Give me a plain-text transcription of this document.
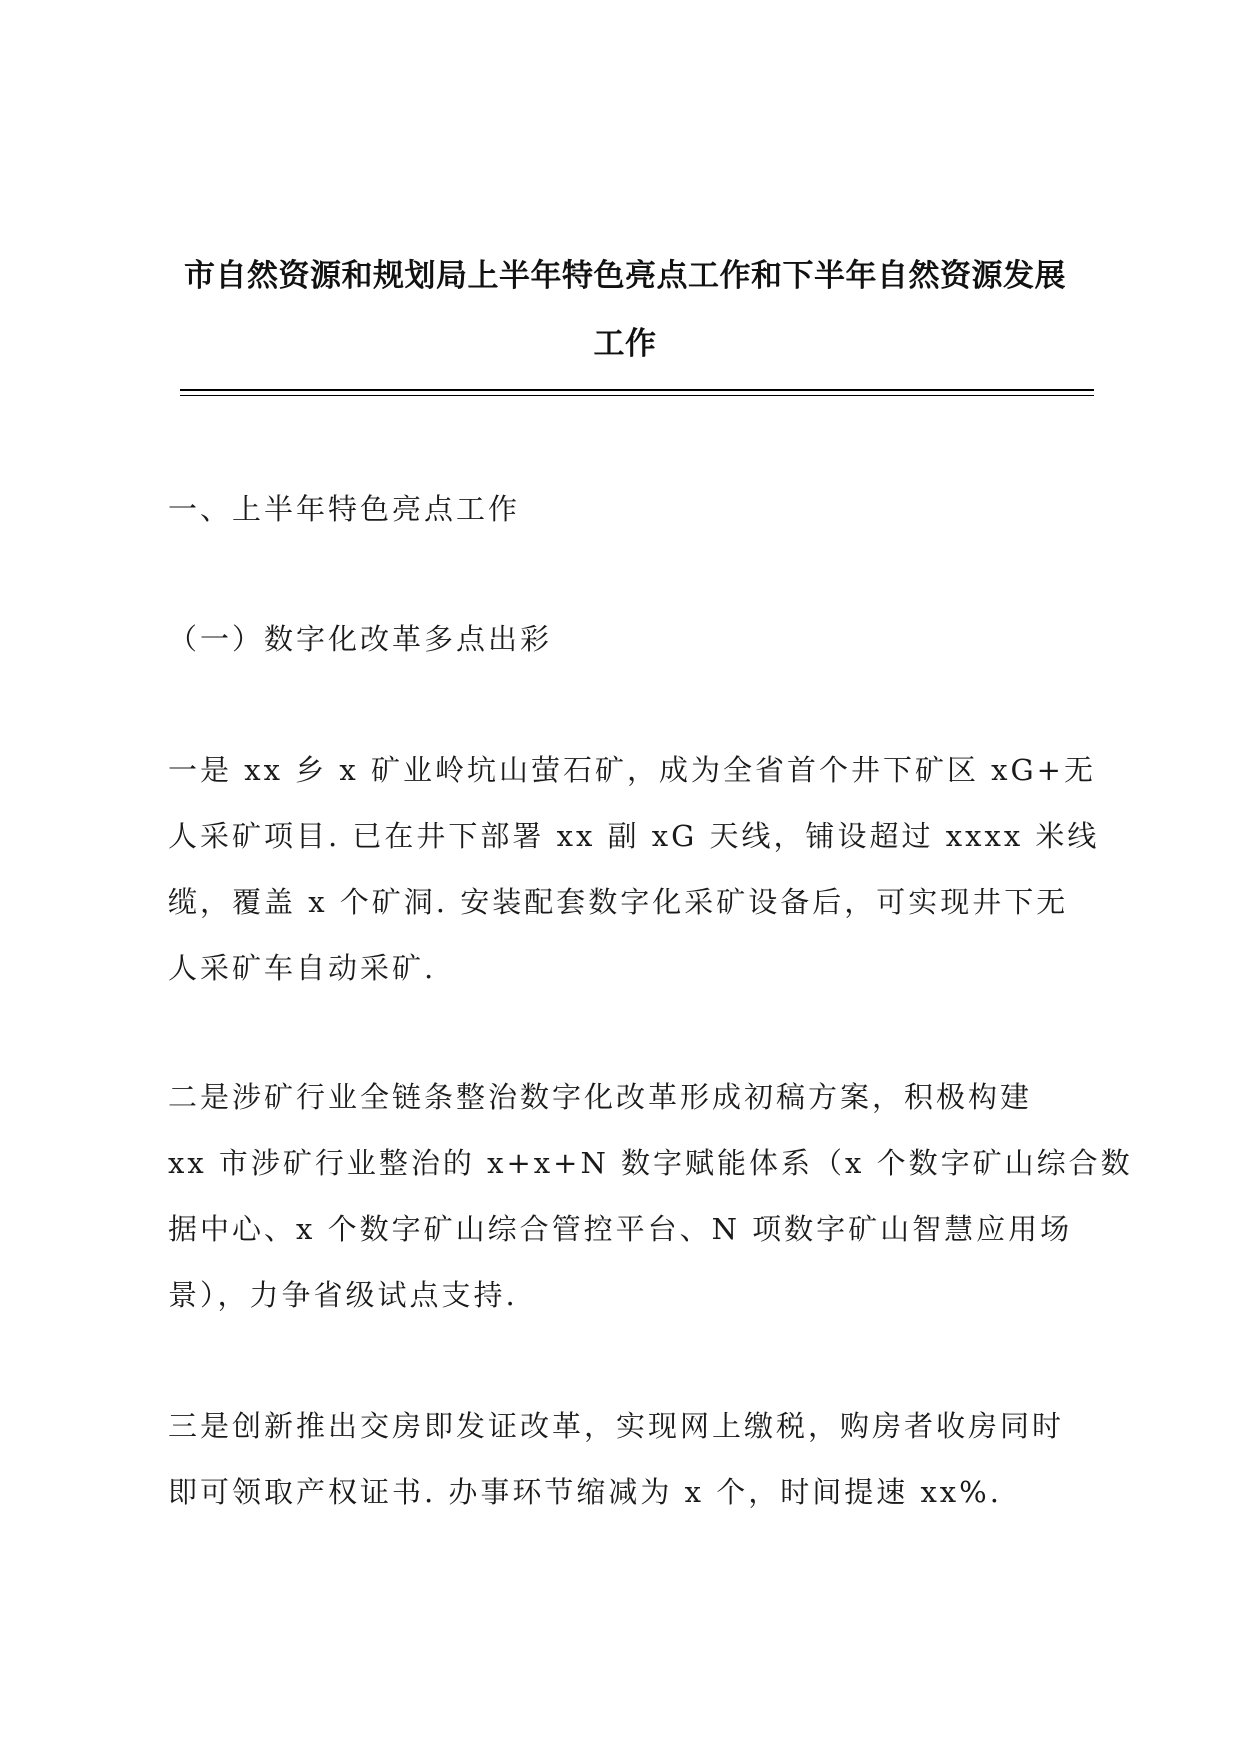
市自然资源和规划局上半年特色亮点工作和下半年自然资源发展
工作
一、上半年特色亮点工作
（一）数字化改革多点出彩
一是 xx 乡 x 矿业岭坑山萤石矿，成为全省首个井下矿区 xG+无
人采矿项目. 已在井下部署 xx 副 xG 天线，铺设超过 xxxx 米线
缆，覆盖 x 个矿洞. 安装配套数字化采矿设备后，可实现井下无
人采矿车自动采矿.
二是涉矿行业全链条整治数字化改革形成初稿方案，积极构建
xx 市涉矿行业整治的 x+x+N 数字赋能体系（x 个数字矿山综合数
据中心、x 个数字矿山综合管控平台、N 项数字矿山智慧应用场
景），力争省级试点支持.
三是创新推出交房即发证改革，实现网上缴税，购房者收房同时
即可领取产权证书. 办事环节缩减为 x 个，时间提速 xx%.
